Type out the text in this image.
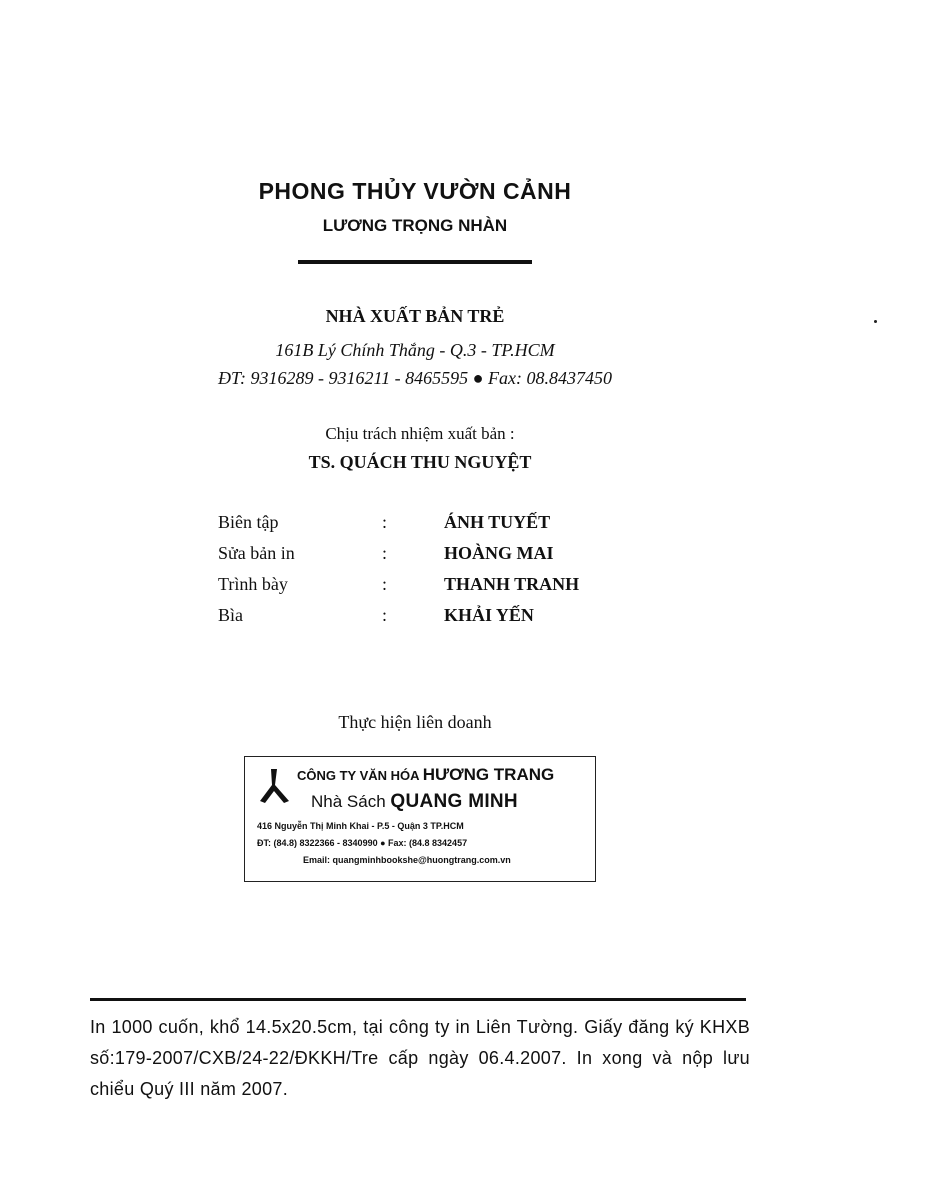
PHONG THỦY VƯỜN CẢNH
LƯƠNG TRỌNG NHÀN
NHÀ XUẤT BẢN TRẺ
161B Lý Chính Thắng - Q.3 - TP.HCM
ĐT: 9316289 - 9316211 - 8465595 ● Fax: 08.8437450
Chịu trách nhiệm xuất bản :
TS. QUÁCH THU NGUYỆT
Biên tập	:	ÁNH TUYẾT
Sửa bản in	:	HOÀNG MAI
Trình bày	:	THANH TRANH
Bìa	:	KHẢI YẾN
Thực hiện liên doanh
CÔNG TY VĂN HÓA HƯƠNG TRANG
Nhà Sách QUANG MINH
416 Nguyễn Thị Minh Khai - P.5 - Quận 3 TP.HCM
ĐT: (84.8) 8322366 - 8340990 ● Fax: (84.8 8342457
Email: quangminhbookshe@huongtrang.com.vn
In 1000 cuốn, khổ 14.5x20.5cm, tại công ty in Liên Tường. Giấy đăng ký KHXB số:179-2007/CXB/24-22/ĐKKH/Tre cấp ngày 06.4.2007. In xong và nộp lưu chiểu Quý III năm 2007.
